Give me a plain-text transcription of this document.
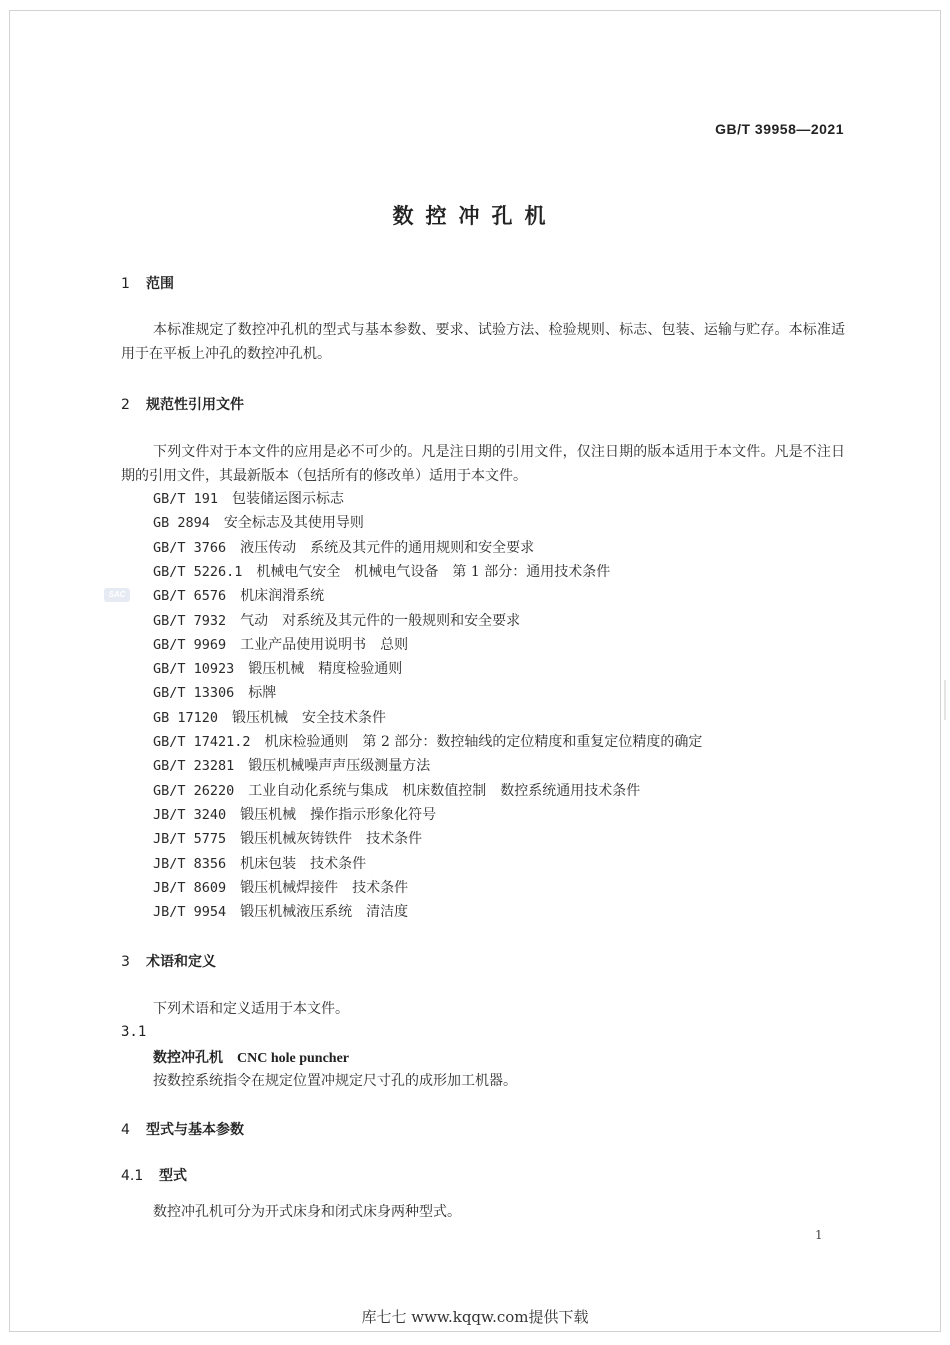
SAC
GB/T 39958—2021
数控冲孔机
1 范围
本标准规定了数控冲孔机的型式与基本参数、要求、试验方法、检验规则、标志、包装、运输与贮存。本标准适用于在平板上冲孔的数控冲孔机。
2 规范性引用文件
下列文件对于本文件的应用是必不可少的。凡是注日期的引用文件，仅注日期的版本适用于本文件。凡是不注日期的引用文件，其最新版本（包括所有的修改单）适用于本文件。
GB/T 191 包装储运图示标志
GB 2894 安全标志及其使用导则
GB/T 3766 液压传动　系统及其元件的通用规则和安全要求
GB/T 5226.1 机械电气安全　机械电气设备　第 1 部分：通用技术条件
GB/T 6576 机床润滑系统
GB/T 7932 气动　对系统及其元件的一般规则和安全要求
GB/T 9969 工业产品使用说明书　总则
GB/T 10923 锻压机械　精度检验通则
GB/T 13306 标牌
GB 17120 锻压机械　安全技术条件
GB/T 17421.2 机床检验通则　第 2 部分：数控轴线的定位精度和重复定位精度的确定
GB/T 23281 锻压机械噪声声压级测量方法
GB/T 26220 工业自动化系统与集成　机床数值控制　数控系统通用技术条件
JB/T 3240 锻压机械　操作指示形象化符号
JB/T 5775 锻压机械灰铸铁件　技术条件
JB/T 8356 机床包装　技术条件
JB/T 8609 锻压机械焊接件　技术条件
JB/T 9954 锻压机械液压系统　清洁度
3 术语和定义
下列术语和定义适用于本文件。
3.1
数控冲孔机 CNC hole puncher
按数控系统指令在规定位置冲规定尺寸孔的成形加工机器。
4 型式与基本参数
4.1 型式
数控冲孔机可分为开式床身和闭式床身两种型式。
1
库七七 www.kqqw.com提供下载
